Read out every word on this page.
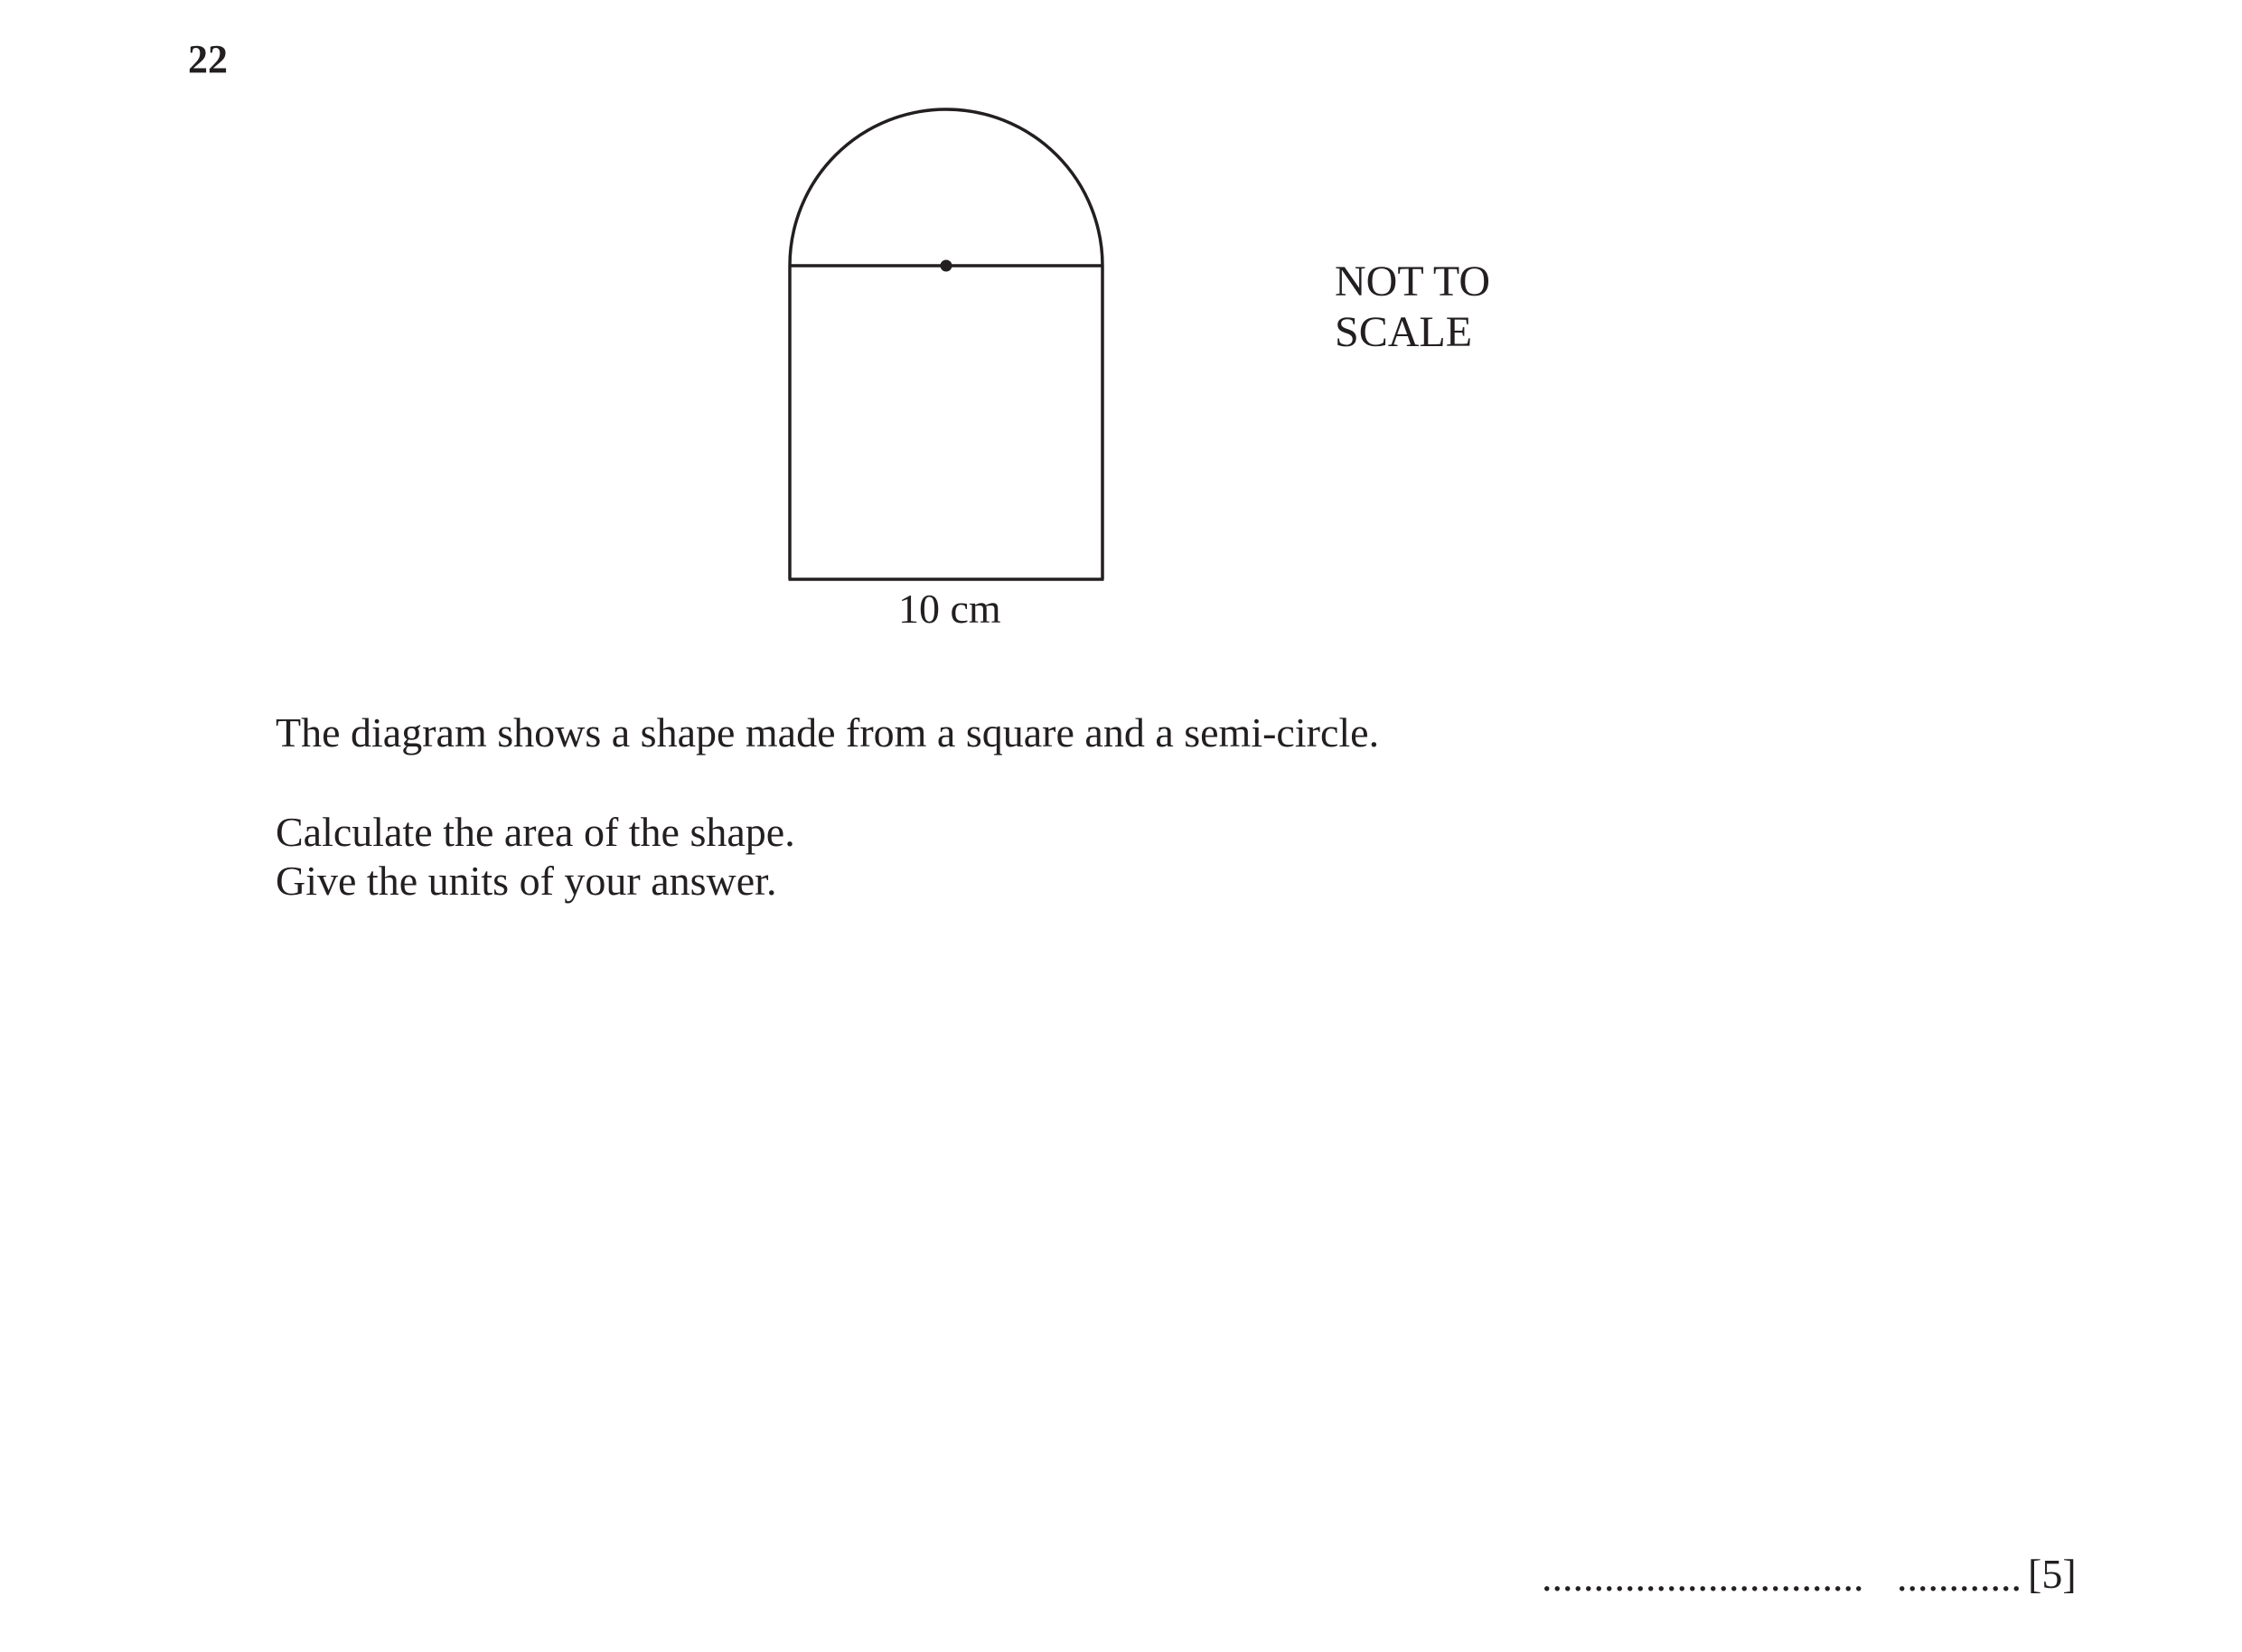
22
NOT TO
SCALE
10 cm
The diagram shows a shape made from a square and a semi-circle.
Calculate the area of the shape.
Give the units of your answer.
............................... ............ [5]
